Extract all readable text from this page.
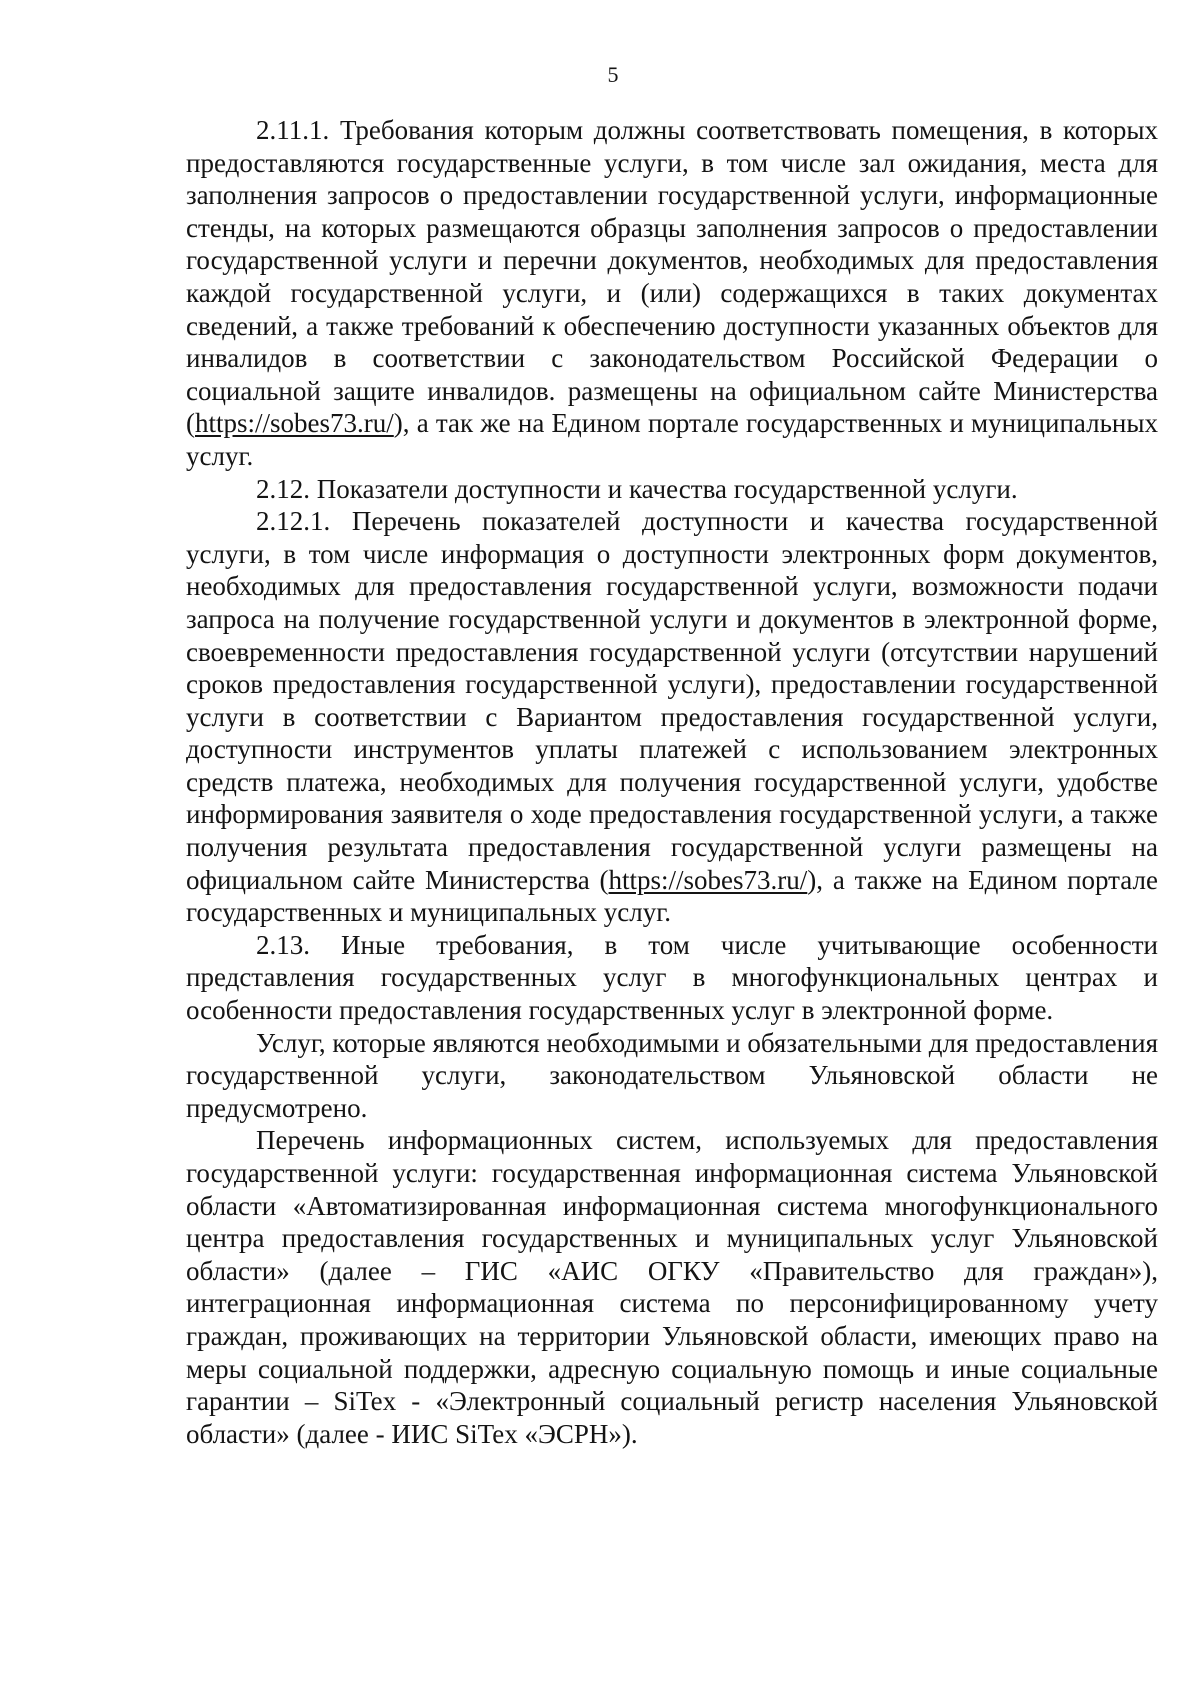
5

2.11.1. Требования которым должны соответствовать помещения, в которых предоставляются государственные услуги, в том числе зал ожидания, места для заполнения запросов о предоставлении государственной услуги, информационные стенды, на которых размещаются образцы заполнения запросов о предоставлении государственной услуги и перечни документов, необходимых для предоставления каждой государственной услуги, и (или) содержащихся в таких документах сведений, а также требований к обеспечению доступности указанных объектов для инвалидов в соответствии с законодательством Российской Федерации о социальной защите инвалидов. размещены на официальном сайте Министерства (https://sobes73.ru/), а так же на Едином портале государственных и муниципальных услуг.

2.12. Показатели доступности и качества государственной услуги.

2.12.1. Перечень показателей доступности и качества государственной услуги, в том числе информация о доступности электронных форм документов, необходимых для предоставления государственной услуги, возможности подачи запроса на получение государственной услуги и документов в электронной форме, своевременности предоставления государственной услуги (отсутствии нарушений сроков предоставления государственной услуги), предоставлении государственной услуги в соответствии с Вариантом предоставления государственной услуги, доступности инструментов уплаты платежей с использованием электронных средств платежа, необходимых для получения государственной услуги, удобстве информирования заявителя о ходе предоставления государственной услуги, а также получения результата предоставления государственной услуги размещены на официальном сайте Министерства (https://sobes73.ru/), а также на Едином портале государственных и муниципальных услуг.

2.13. Иные требования, в том числе учитывающие особенности представления государственных услуг в многофункциональных центрах и особенности предоставления государственных услуг в электронной форме.

Услуг, которые являются необходимыми и обязательными для предоставления государственной услуги, законодательством Ульяновской области не предусмотрено.

Перечень информационных систем, используемых для предоставления государственной услуги: государственная информационная система Ульяновской области «Автоматизированная информационная система многофункционального центра предоставления государственных и муниципальных услуг Ульяновской области» (далее – ГИС «АИС ОГКУ «Правительство для граждан»), интеграционная информационная система по персонифицированному учету граждан, проживающих на территории Ульяновской области, имеющих право на меры социальной поддержки, адресную социальную помощь и иные социальные гарантии – SiTex - «Электронный социальный регистр населения Ульяновской области» (далее - ИИС SiTex «ЭСРН»).
